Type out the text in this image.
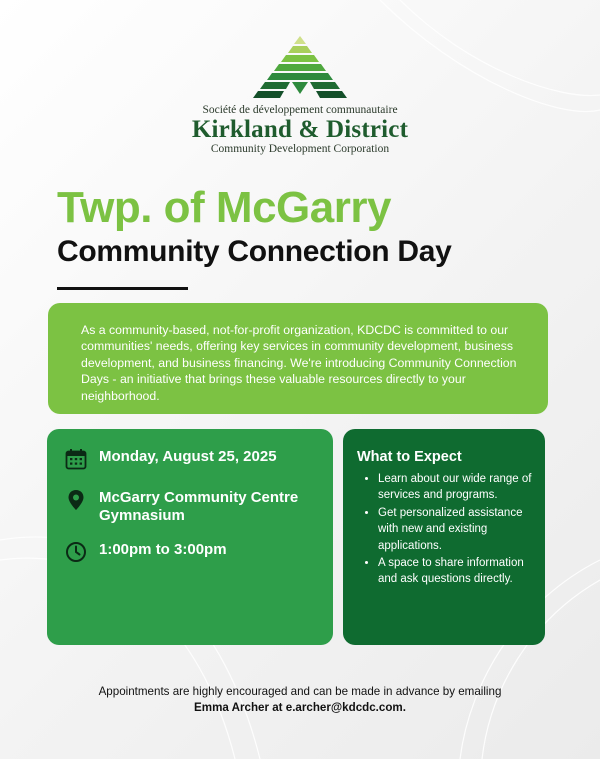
Société de développement communautaire
Kirkland & District
Community Development Corporation
Twp. of McGarry
Community Connection Day
As a community-based, not-for-profit organization, KDCDC is committed to our communities' needs, offering key services in community development, business development, and business financing. We're introducing Community Connection Days - an initiative that brings these valuable resources directly to your neighborhood.
Monday, August 25, 2025
McGarry Community Centre
Gymnasium
1:00pm to 3:00pm
What to Expect
• Learn about our wide range of services and programs.
• Get personalized assistance with new and existing applications.
• A space to share information and ask questions directly.
Appointments are highly encouraged and can be made in advance by emailing
Emma Archer at e.archer@kdcdc.com.
